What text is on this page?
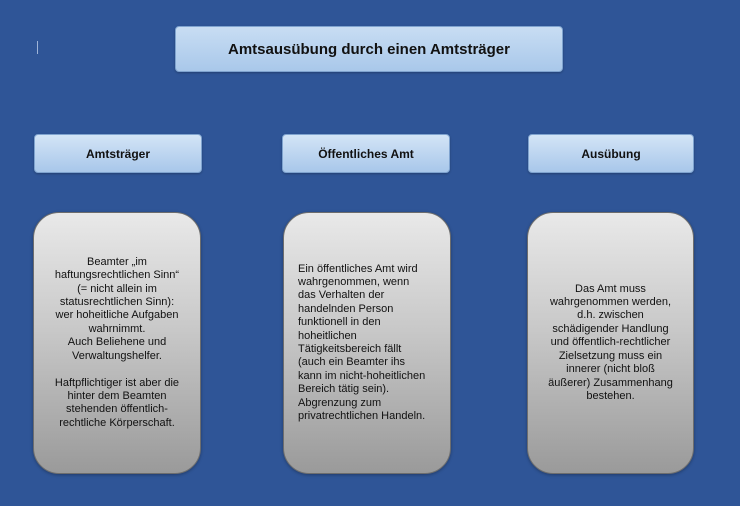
Amtsausübung durch einen Amtsträger
Amtsträger	Öffentliches Amt	Ausübung
Beamter „im
haftungsrechtlichen Sinn“
(= nicht allein im
statusrechtlichen Sinn):
wer hoheitliche Aufgaben
wahrnimmt.
Auch Beliehene und
Verwaltungshelfer.

Haftpflichtiger ist aber die
hinter dem Beamten
stehenden öffentlich-
rechtliche Körperschaft.
Ein öffentliches Amt wird
wahrgenommen, wenn
das Verhalten der
handelnden Person
funktionell in den
hoheitlichen
Tätigkeitsbereich fällt
(auch ein Beamter ihs
kann im nicht-hoheitlichen
Bereich tätig sein).
Abgrenzung zum
privatrechtlichen Handeln.
Das Amt muss
wahrgenommen werden,
d.h. zwischen
schädigender Handlung
und öffentlich-rechtlicher
Zielsetzung muss ein
innerer (nicht bloß
äußerer) Zusammenhang
bestehen.
